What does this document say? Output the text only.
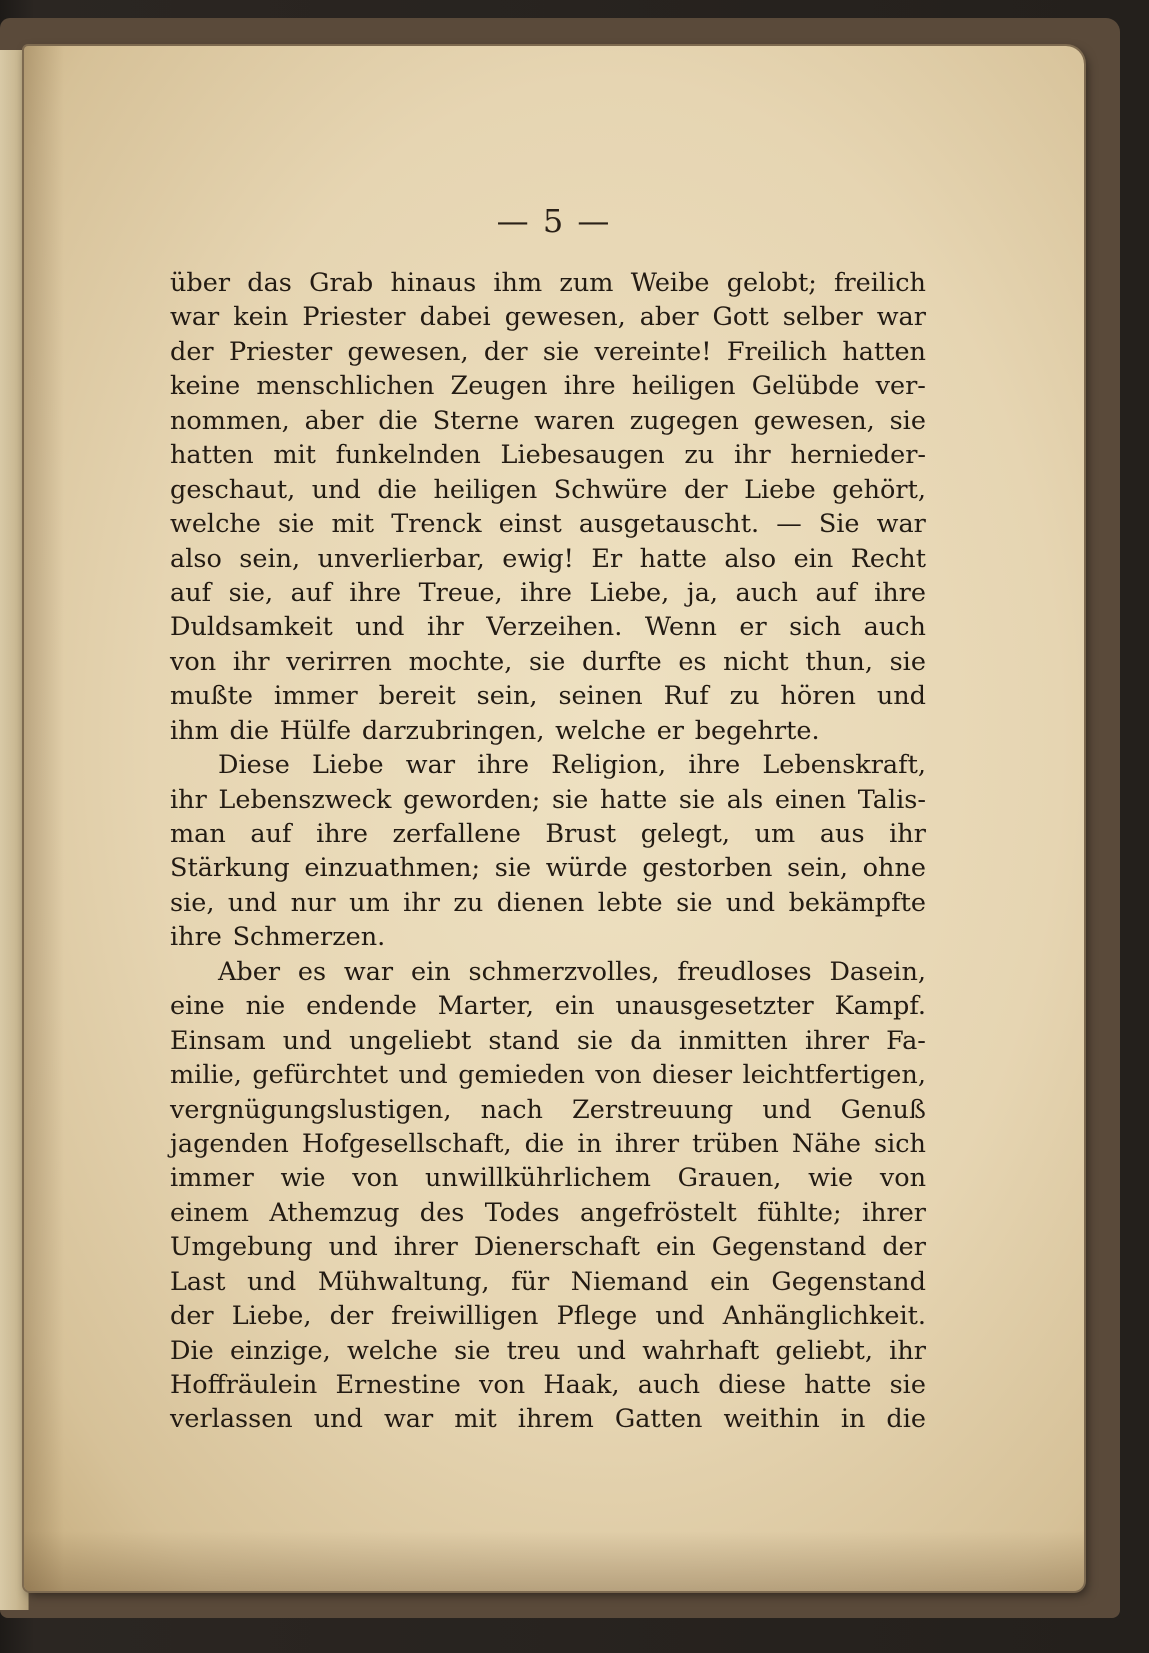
— 5 —
über das Grab hinaus ihm zum Weibe gelobt; freilich
war kein Priester dabei gewesen, aber Gott selber war
der Priester gewesen, der sie vereinte! Freilich hatten
keine menschlichen Zeugen ihre heiligen Gelübde ver-
nommen, aber die Sterne waren zugegen gewesen, sie
hatten mit funkelnden Liebesaugen zu ihr hernieder-
geschaut, und die heiligen Schwüre der Liebe gehört,
welche sie mit Trenck einst ausgetauscht. — Sie war
also sein, unverlierbar, ewig! Er hatte also ein Recht
auf sie, auf ihre Treue, ihre Liebe, ja, auch auf ihre
Duldsamkeit und ihr Verzeihen. Wenn er sich auch
von ihr verirren mochte, sie durfte es nicht thun, sie
mußte immer bereit sein, seinen Ruf zu hören und
ihm die Hülfe darzubringen, welche er begehrte.
Diese Liebe war ihre Religion, ihre Lebenskraft,
ihr Lebenszweck geworden; sie hatte sie als einen Talis-
man auf ihre zerfallene Brust gelegt, um aus ihr
Stärkung einzuathmen; sie würde gestorben sein, ohne
sie, und nur um ihr zu dienen lebte sie und bekämpfte
ihre Schmerzen.
Aber es war ein schmerzvolles, freudloses Dasein,
eine nie endende Marter, ein unausgesetzter Kampf.
Einsam und ungeliebt stand sie da inmitten ihrer Fa-
milie, gefürchtet und gemieden von dieser leichtfertigen,
vergnügungslustigen, nach Zerstreuung und Genuß
jagenden Hofgesellschaft, die in ihrer trüben Nähe sich
immer wie von unwillkührlichem Grauen, wie von
einem Athemzug des Todes angefröstelt fühlte; ihrer
Umgebung und ihrer Dienerschaft ein Gegenstand der
Last und Mühwaltung, für Niemand ein Gegenstand
der Liebe, der freiwilligen Pflege und Anhänglichkeit.
Die einzige, welche sie treu und wahrhaft geliebt, ihr
Hoffräulein Ernestine von Haak, auch diese hatte sie
verlassen und war mit ihrem Gatten weithin in die
